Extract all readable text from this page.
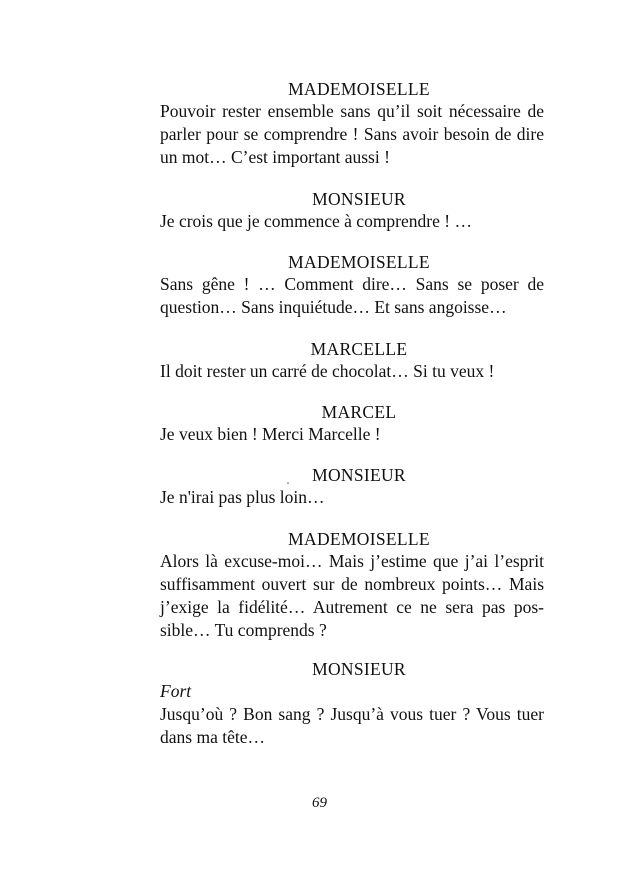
MADEMOISELLE
Pouvoir rester ensemble sans qu’il soit nécessaire de
parler pour se comprendre ! Sans avoir besoin de dire
un mot… C’est important aussi !
MONSIEUR
Je crois que je commence à comprendre ! …
MADEMOISELLE
Sans gêne ! … Comment dire… Sans se poser de
question… Sans inquiétude… Et sans angoisse…
MARCELLE
Il doit rester un carré de chocolat… Si tu veux !
MARCEL
Je veux bien ! Merci Marcelle !
MONSIEUR
Je n'irai pas plus loin…
MADEMOISELLE
Alors là excuse-moi… Mais j’estime que j’ai l’esprit
suffisamment ouvert sur de nombreux points… Mais
j’exige la fidélité… Autrement ce ne sera pas pos-
sible… Tu comprends ?
MONSIEUR
Fort
Jusqu’où ? Bon sang ? Jusqu’à vous tuer ? Vous tuer
dans ma tête…
69
